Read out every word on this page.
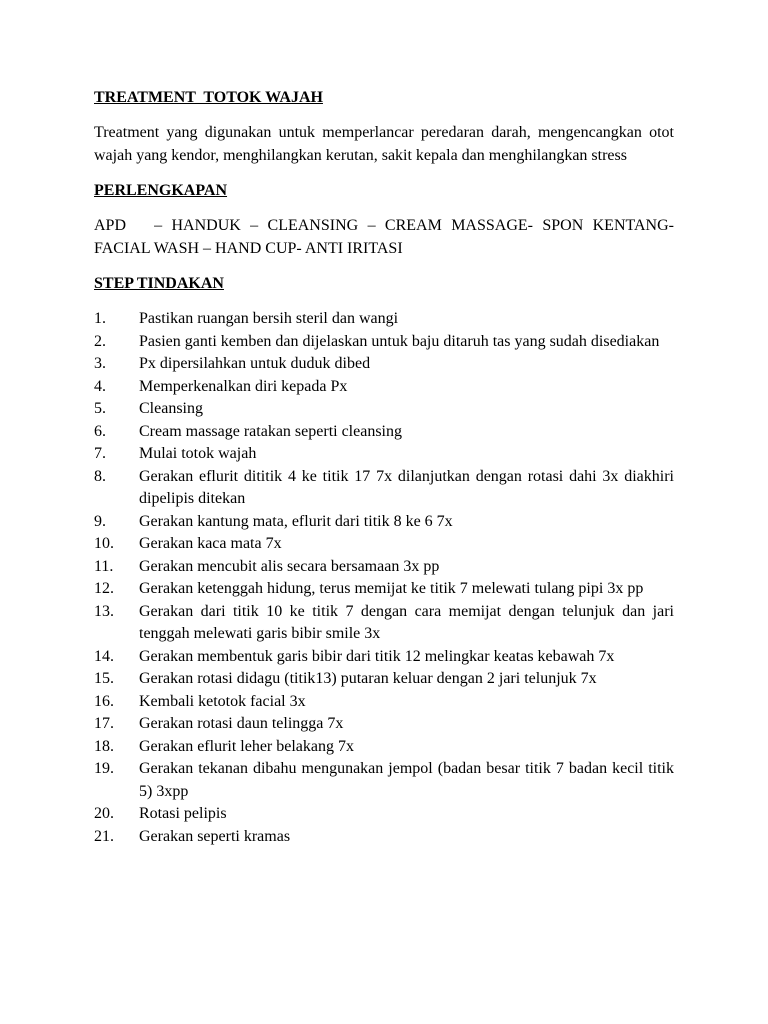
TREATMENT  TOTOK WAJAH

Treatment yang digunakan untuk memperlancar peredaran darah, mengencangkan otot wajah yang kendor, menghilangkan kerutan, sakit kepala dan menghilangkan stress

PERLENGKAPAN

APD   – HANDUK – CLEANSING – CREAM MASSAGE- SPON KENTANG- FACIAL WASH – HAND CUP- ANTI IRITASI

STEP TINDAKAN
1.	Pastikan ruangan bersih steril dan wangi
2.	Pasien ganti kemben dan dijelaskan untuk baju ditaruh tas yang sudah disediakan
3.	Px dipersilahkan untuk duduk dibed
4.	Memperkenalkan diri kepada Px
5.	Cleansing
6.	Cream massage ratakan seperti cleansing
7.	Mulai totok wajah
8.	Gerakan eflurit dititik 4 ke titik 17 7x dilanjutkan dengan rotasi dahi 3x diakhiri dipelipis ditekan
9.	Gerakan kantung mata, eflurit dari titik 8 ke 6 7x
10.	Gerakan kaca mata 7x
11.	Gerakan mencubit alis secara bersamaan 3x pp
12.	Gerakan ketenggah hidung, terus memijat ke titik 7 melewati tulang pipi 3x pp
13.	Gerakan dari titik 10 ke titik 7 dengan cara memijat dengan telunjuk dan jari tenggah melewati garis bibir smile 3x
14.	Gerakan membentuk garis bibir dari titik 12 melingkar keatas kebawah 7x
15.	Gerakan rotasi didagu (titik13) putaran keluar dengan 2 jari telunjuk 7x
16.	Kembali ketotok facial 3x
17.	Gerakan rotasi daun telingga 7x
18.	Gerakan eflurit leher belakang 7x
19.	Gerakan tekanan dibahu mengunakan jempol (badan besar titik 7 badan kecil titik 5) 3xpp
20.	Rotasi pelipis
21.	Gerakan seperti kramas
